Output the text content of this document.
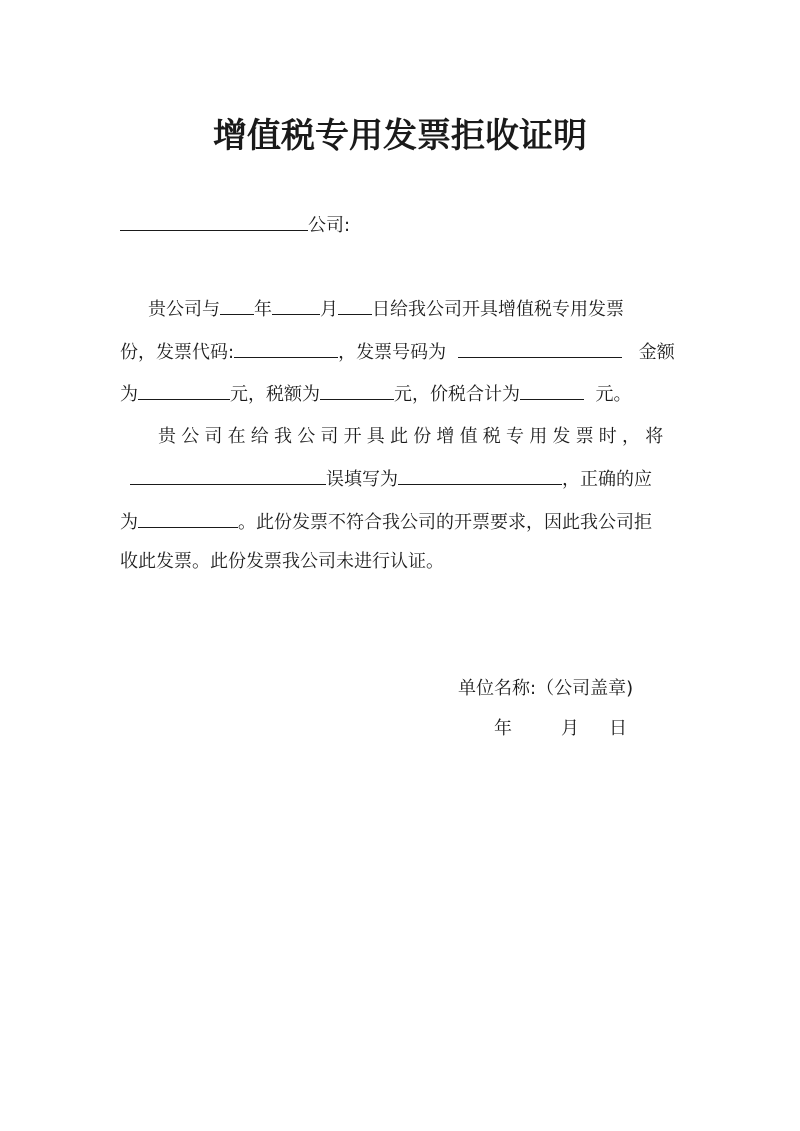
增值税专用发票拒收证明
公司:
贵公司与 年	月 日给我公司开具增值税专用发票
份，发票代码:	，发票号码为	金额
为	元，税额为	元，价税合计为	元。
贵公司在给我公司开具此份增值税专用发票时，将
误填写为	，正确的应
为	。此份发票不符合我公司的开票要求，因此我公司拒
收此发票。此份发票我公司未进行认证。
单位名称:（公司盖章)
年	月 日
